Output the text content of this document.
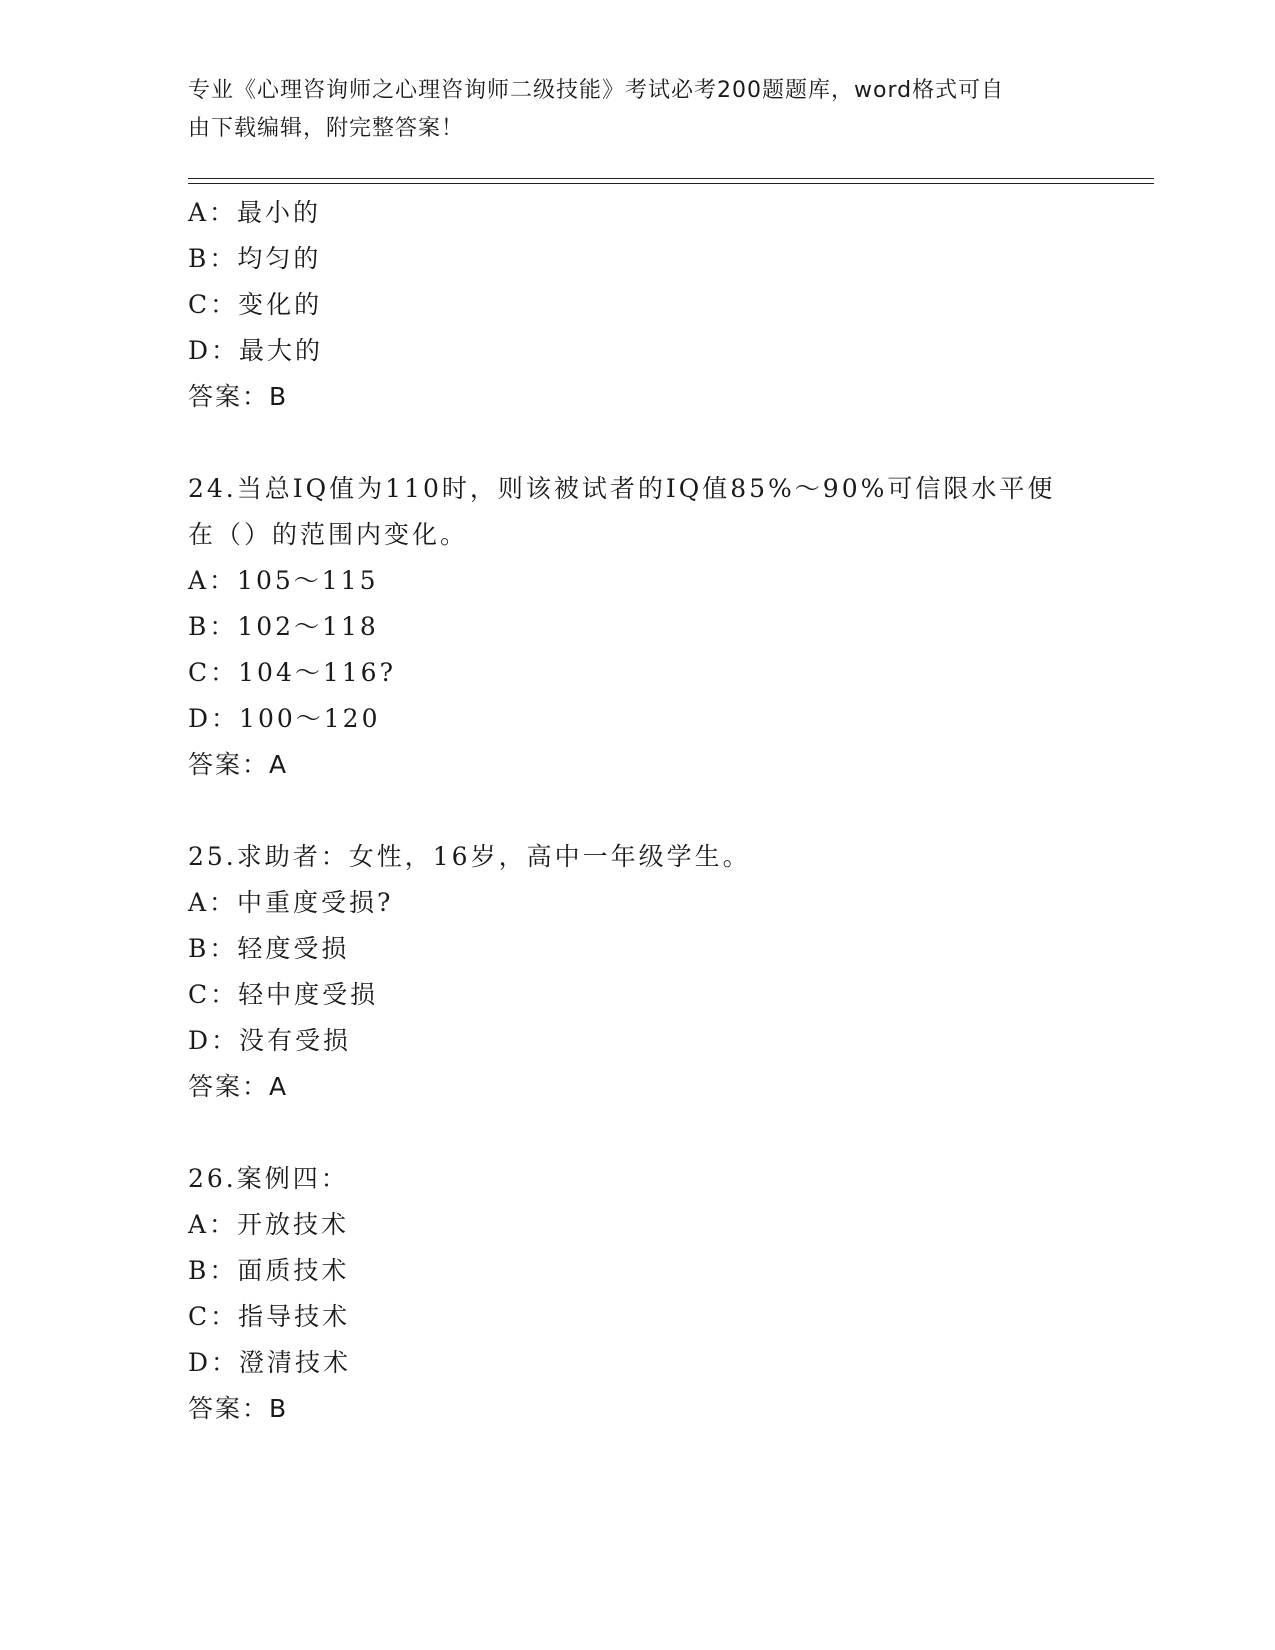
专业《心理咨询师之心理咨询师二级技能》考试必考200题题库，word格式可自
由下载编辑，附完整答案！
A：最小的
B：均匀的
C：变化的
D：最大的
答案：B
24.当总IQ值为110时，则该被试者的IQ值85%～90%可信限水平便
在（）的范围内变化。
A：105～115
B：102～118
C：104～116?
D：100～120
答案：A
25.求助者：女性，16岁，高中一年级学生。
A：中重度受损?
B：轻度受损
C：轻中度受损
D：没有受损
答案：A
26.案例四：
A：开放技术
B：面质技术
C：指导技术
D：澄清技术
答案：B
